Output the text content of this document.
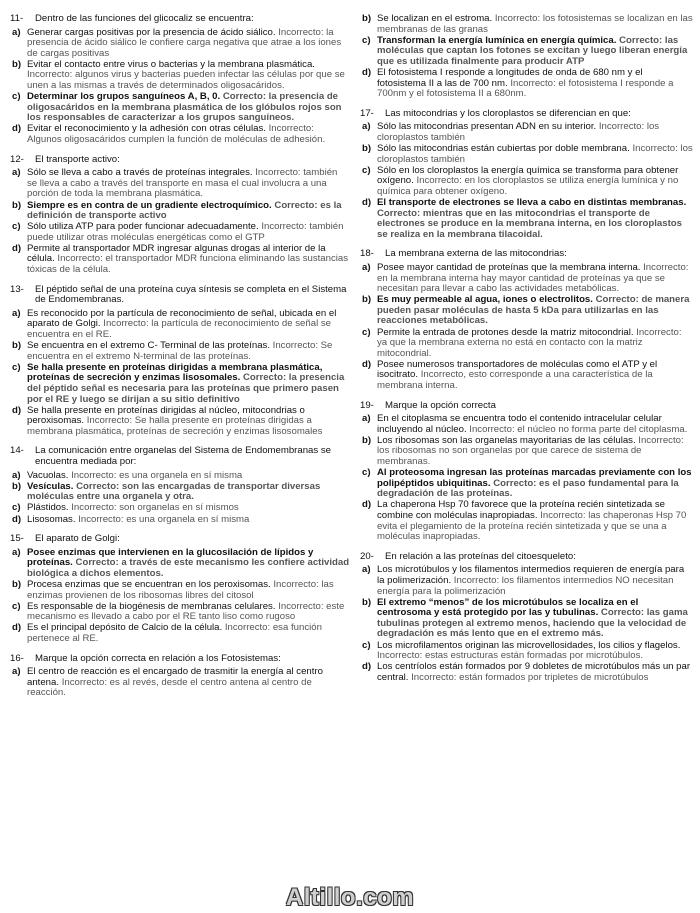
11-	Dentro de las funciones del glicocaliz se encuentra:
a) Generar cargas positivas por la presencia de ácido siálico. Incorrecto: la presencia de ácido siálico le confiere carga negativa que atrae a los iones de cargas positivas
b) Evitar el contacto entre virus o bacterias y la membrana plasmática. Incorrecto: algunos virus y bacterias pueden infectar las células por que se unen a las mismas a través de determinados oligosacáridos.
c) Determinar los grupos sanguíneos A, B, 0. Correcto: la presencia de oligosacáridos en la membrana plasmática de los glóbulos rojos son los responsables de caracterizar a los grupos sanguíneos.
d) Evitar el reconocimiento y la adhesión con otras células. Incorrecto: Algunos oligosacáridos cumplen la función de moléculas de adhesión.
12-	El transporte activo:
a) Sólo se lleva a cabo a través de proteínas integrales. Incorrecto: también se lleva a cabo a través del transporte en masa el cual involucra a una porción de toda la membrana plasmática.
b) Siempre es en contra de un gradiente electroquímico. Correcto: es la definición de transporte activo
c) Sólo utiliza ATP para poder funcionar adecuadamente. Incorrecto: también puede utilizar otras moléculas energéticas como el GTP
d) Permite al transportador MDR ingresar algunas drogas al interior de la célula. Incorrecto: el transportador MDR funciona eliminando las sustancias tóxicas de la célula.
13-	El péptido señal de una proteína cuya síntesis se completa en el Sistema de Endomembranas.
a) Es reconocido por la partícula de reconocimiento de señal, ubicada en el aparato de Golgi. Incorrecto: la partícula de reconocimiento de señal se encuentra en el RE.
b) Se encuentra en el extremo C- Terminal de las proteínas. Incorrecto: Se encuentra en el extremo N-terminal de las proteínas.
c) Se halla presente en proteínas dirigidas a membrana plasmática, proteínas de secreción y enzimas lisosomales. Correcto: la presencia del péptido señal es necesaria para las proteínas que primero pasen por el RE y luego se dirijan a su sitio definitivo
d) Se halla presente en proteínas dirigidas al núcleo, mitocondrias o peroxisomas. Incorrecto: Se halla presente en proteínas dirigidas a membrana plasmática, proteínas de secreción y enzimas lisosomales
14-	La comunicación entre organelas del Sistema de Endomembranas se encuentra mediada por:
a) Vacuolas. Incorrecto: es una organela en sí misma
b) Vesículas. Correcto: son las encargadas de transportar diversas moléculas entre una organela y otra.
c) Plástidos. Incorrecto: son organelas en sí mismos
d) Lisosomas. Incorrecto: es una organela en sí misma
15-	El aparato de Golgi:
a) Posee enzimas que intervienen en la glucosilación de lípidos y proteínas. Correcto: a través de este mecanismo les confiere actividad biológica a dichos elementos.
b) Procesa enzimas que se encuentran en los peroxisomas. Incorrecto: las enzimas provienen de los ribosomas libres del citosol
c) Es responsable de la biogénesis de membranas celulares. Incorrecto: este mecanismo es llevado a cabo por el RE tanto liso como rugoso
d) Es el principal depósito de Calcio de la célula. Incorrecto: esa función pertenece al RE.
16-	Marque la opción correcta en relación a los Fotosistemas:
a) El centro de reacción es el encargado de trasmitir la energía al centro antena. Incorrecto: es al revés, desde el centro antena al centro de reacción.
b) Se localizan en el estroma. Incorrecto: los fotosistemas se localizan en las membranas de las granas
c) Transforman la energía lumínica en energía química. Correcto: las moléculas que captan los fotones se excitan y luego liberan energía que es utilizada finalmente para producir ATP
d) El fotosistema I responde a longitudes de onda de 680 nm y el fotosistema II a las de 700 nm. Incorrecto: el fotosistema I responde a 700nm y el fotosistema II a 680nm.
17-	Las mitocondrias y los cloroplastos se diferencian en que:
a) Sólo las mitocondrias presentan ADN en su interior. Incorrecto: los cloroplastos también
b) Sólo las mitocondrias están cubiertas por doble membrana. Incorrecto: los cloroplastos también
c) Sólo en los cloroplastos la energía química se transforma para obtener oxígeno. Incorrecto: en los cloroplastos se utiliza energía lumínica y no química para obtener oxígeno.
d) El transporte de electrones se lleva a cabo en distintas membranas. Correcto: mientras que en las mitocondrias el transporte de electrones se produce en la membrana interna, en los cloroplastos se realiza en la membrana tilacoidal.
18-	La membrana externa de las mitocondrias:
a) Posee mayor cantidad de proteínas que la membrana interna. Incorrecto: en la membrana interna hay mayor cantidad de proteínas ya que se necesitan para llevar a cabo las actividades metabólicas.
b) Es muy permeable al agua, iones o electrolitos. Correcto: de manera pueden pasar moléculas de hasta 5 kDa para utilizarlas en las reacciones metabólicas.
c) Permite la entrada de protones desde la matriz mitocondrial. Incorrecto: ya que la membrana externa no está en contacto con la matriz mitocondrial.
d) Posee numerosos transportadores de moléculas como el ATP y el isocitrato. Incorrecto, esto corresponde a una característica de la membrana interna.
19-	Marque la opción correcta
a) En el citoplasma se encuentra todo el contenido intracelular celular incluyendo al núcleo. Incorrecto: el núcleo no forma parte del citoplasma.
b) Los ribosomas son las organelas mayoritarias de las células. Incorrecto: los ribosomas no son organelas por que carece de sistema de membranas.
c) Al proteosoma ingresan las proteínas marcadas previamente con los polipéptidos ubiquitinas. Correcto: es el paso fundamental para la degradación de las proteínas.
d) La chaperona Hsp 70 favorece que la proteína recién sintetizada se combine con moléculas inapropiadas. Incorrecto: las chaperonas Hsp 70 evita el plegamiento de la proteína recién sintetizada y que se una a moléculas inapropiadas.
20-	En relación a las proteínas del citoesqueleto:
a) Los microtúbulos y los filamentos intermedios requieren de energía para la polimerización. Incorrecto: los filamentos intermedios NO necesitan energía para la polimerización
b) El extremo “menos” de los microtúbulos se localiza en el centrosoma y está protegido por las y tubulinas. Correcto: las gama tubulinas protegen al extremo menos, haciendo que la velocidad de degradación es más lento que en el extremo más.
c) Los microfilamentos originan las microvellosidades, los cilios y flagelos. Incorrecto: estas estructuras están formadas por microtúbulos.
d) Los centríolos están formados por 9 dobletes de microtúbulos más un par central. Incorrecto: están formados por tripletes de microtúbulos
Altillo.com
